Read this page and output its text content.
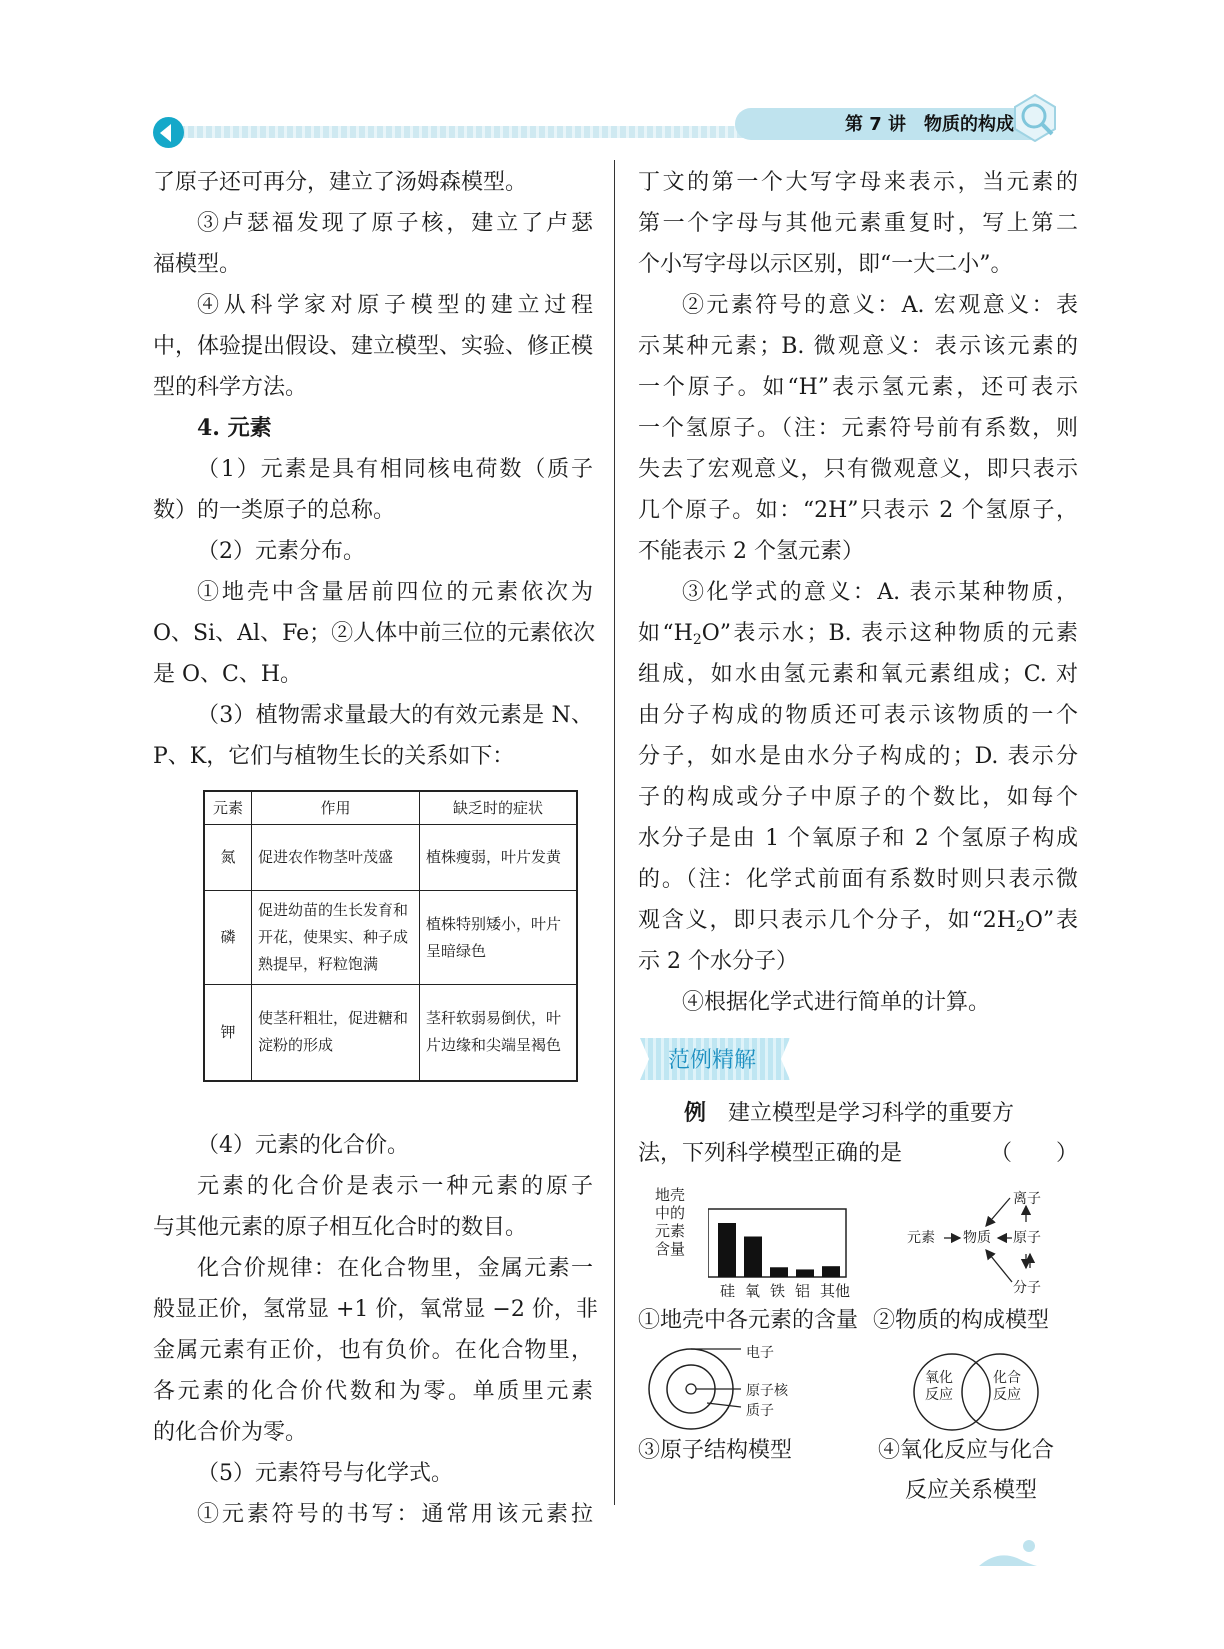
第 7 讲　物质的构成
了原子还可再分，建立了汤姆森模型。
③卢瑟福发现了原子核，建立了卢瑟
福模型。
④从科学家对原子模型的建立过程
中，体验提出假设、建立模型、实验、修正模
型的科学方法。
4. 元素
（1）元素是具有相同核电荷数（质子
数）的一类原子的总称。
（2）元素分布。
①地壳中含量居前四位的元素依次为
O、Si、Al、Fe；②人体中前三位的元素依次
是 O、C、H。
（3）植物需求量最大的有效元素是 N、
P、K，它们与植物生长的关系如下：
（4）元素的化合价。
元素的化合价是表示一种元素的原子
与其他元素的原子相互化合时的数目。
化合价规律：在化合物里，金属元素一
般显正价，氢常显 +1 价，氧常显 −2 价，非
金属元素有正价，也有负价。在化合物里，
各元素的化合价代数和为零。单质里元素
的化合价为零。
（5）元素符号与化学式。
①元素符号的书写：通常用该元素拉
元素	作用	缺乏时的症状
氮	促进农作物茎叶茂盛	植株瘦弱，叶片发黄
磷	促进幼苗的生长发育和开花，使果实、种子成熟提早，籽粒饱满	植株特别矮小，叶片呈暗绿色
钾	使茎秆粗壮，促进糖和淀粉的形成	茎秆软弱易倒伏，叶片边缘和尖端呈褐色
丁文的第一个大写字母来表示，当元素的
第一个字母与其他元素重复时，写上第二
个小写字母以示区别，即“一大二小”。
②元素符号的意义：A. 宏观意义：表
示某种元素；B. 微观意义：表示该元素的
一个原子。如“H”表示氢元素，还可表示
一个氢原子。（注：元素符号前有系数，则
失去了宏观意义，只有微观意义，即只表示
几个原子。如：“2H”只表示 2 个氢原子，
不能表示 2 个氢元素）
③化学式的意义：A. 表示某种物质，
如“H2O”表示水；B. 表示这种物质的元素
组成，如水由氢元素和氧元素组成；C. 对
由分子构成的物质还可表示该物质的一个
分子，如水是由水分子构成的；D. 表示分
子的构成或分子中原子的个数比，如每个
水分子是由 1 个氧原子和 2 个氢原子构成
的。（注：化学式前面有系数时则只表示微
观含义，即只表示几个分子，如“2H2O”表
示 2 个水分子）
④根据化学式进行简单的计算。
范例精解
例　 建立模型是学习科学的重要方
法，下列科学模型正确的是	（　　）
地壳
中的
元素
含量
硅 氧 铁 铝 其他
①地壳中各元素的含量
元素 物质
离子
原子
分子
②物质的构成模型
电子
原子核
质子
③原子结构模型
氧化
反应
化合
反应
④氧化反应与化合
反应关系模型
41
